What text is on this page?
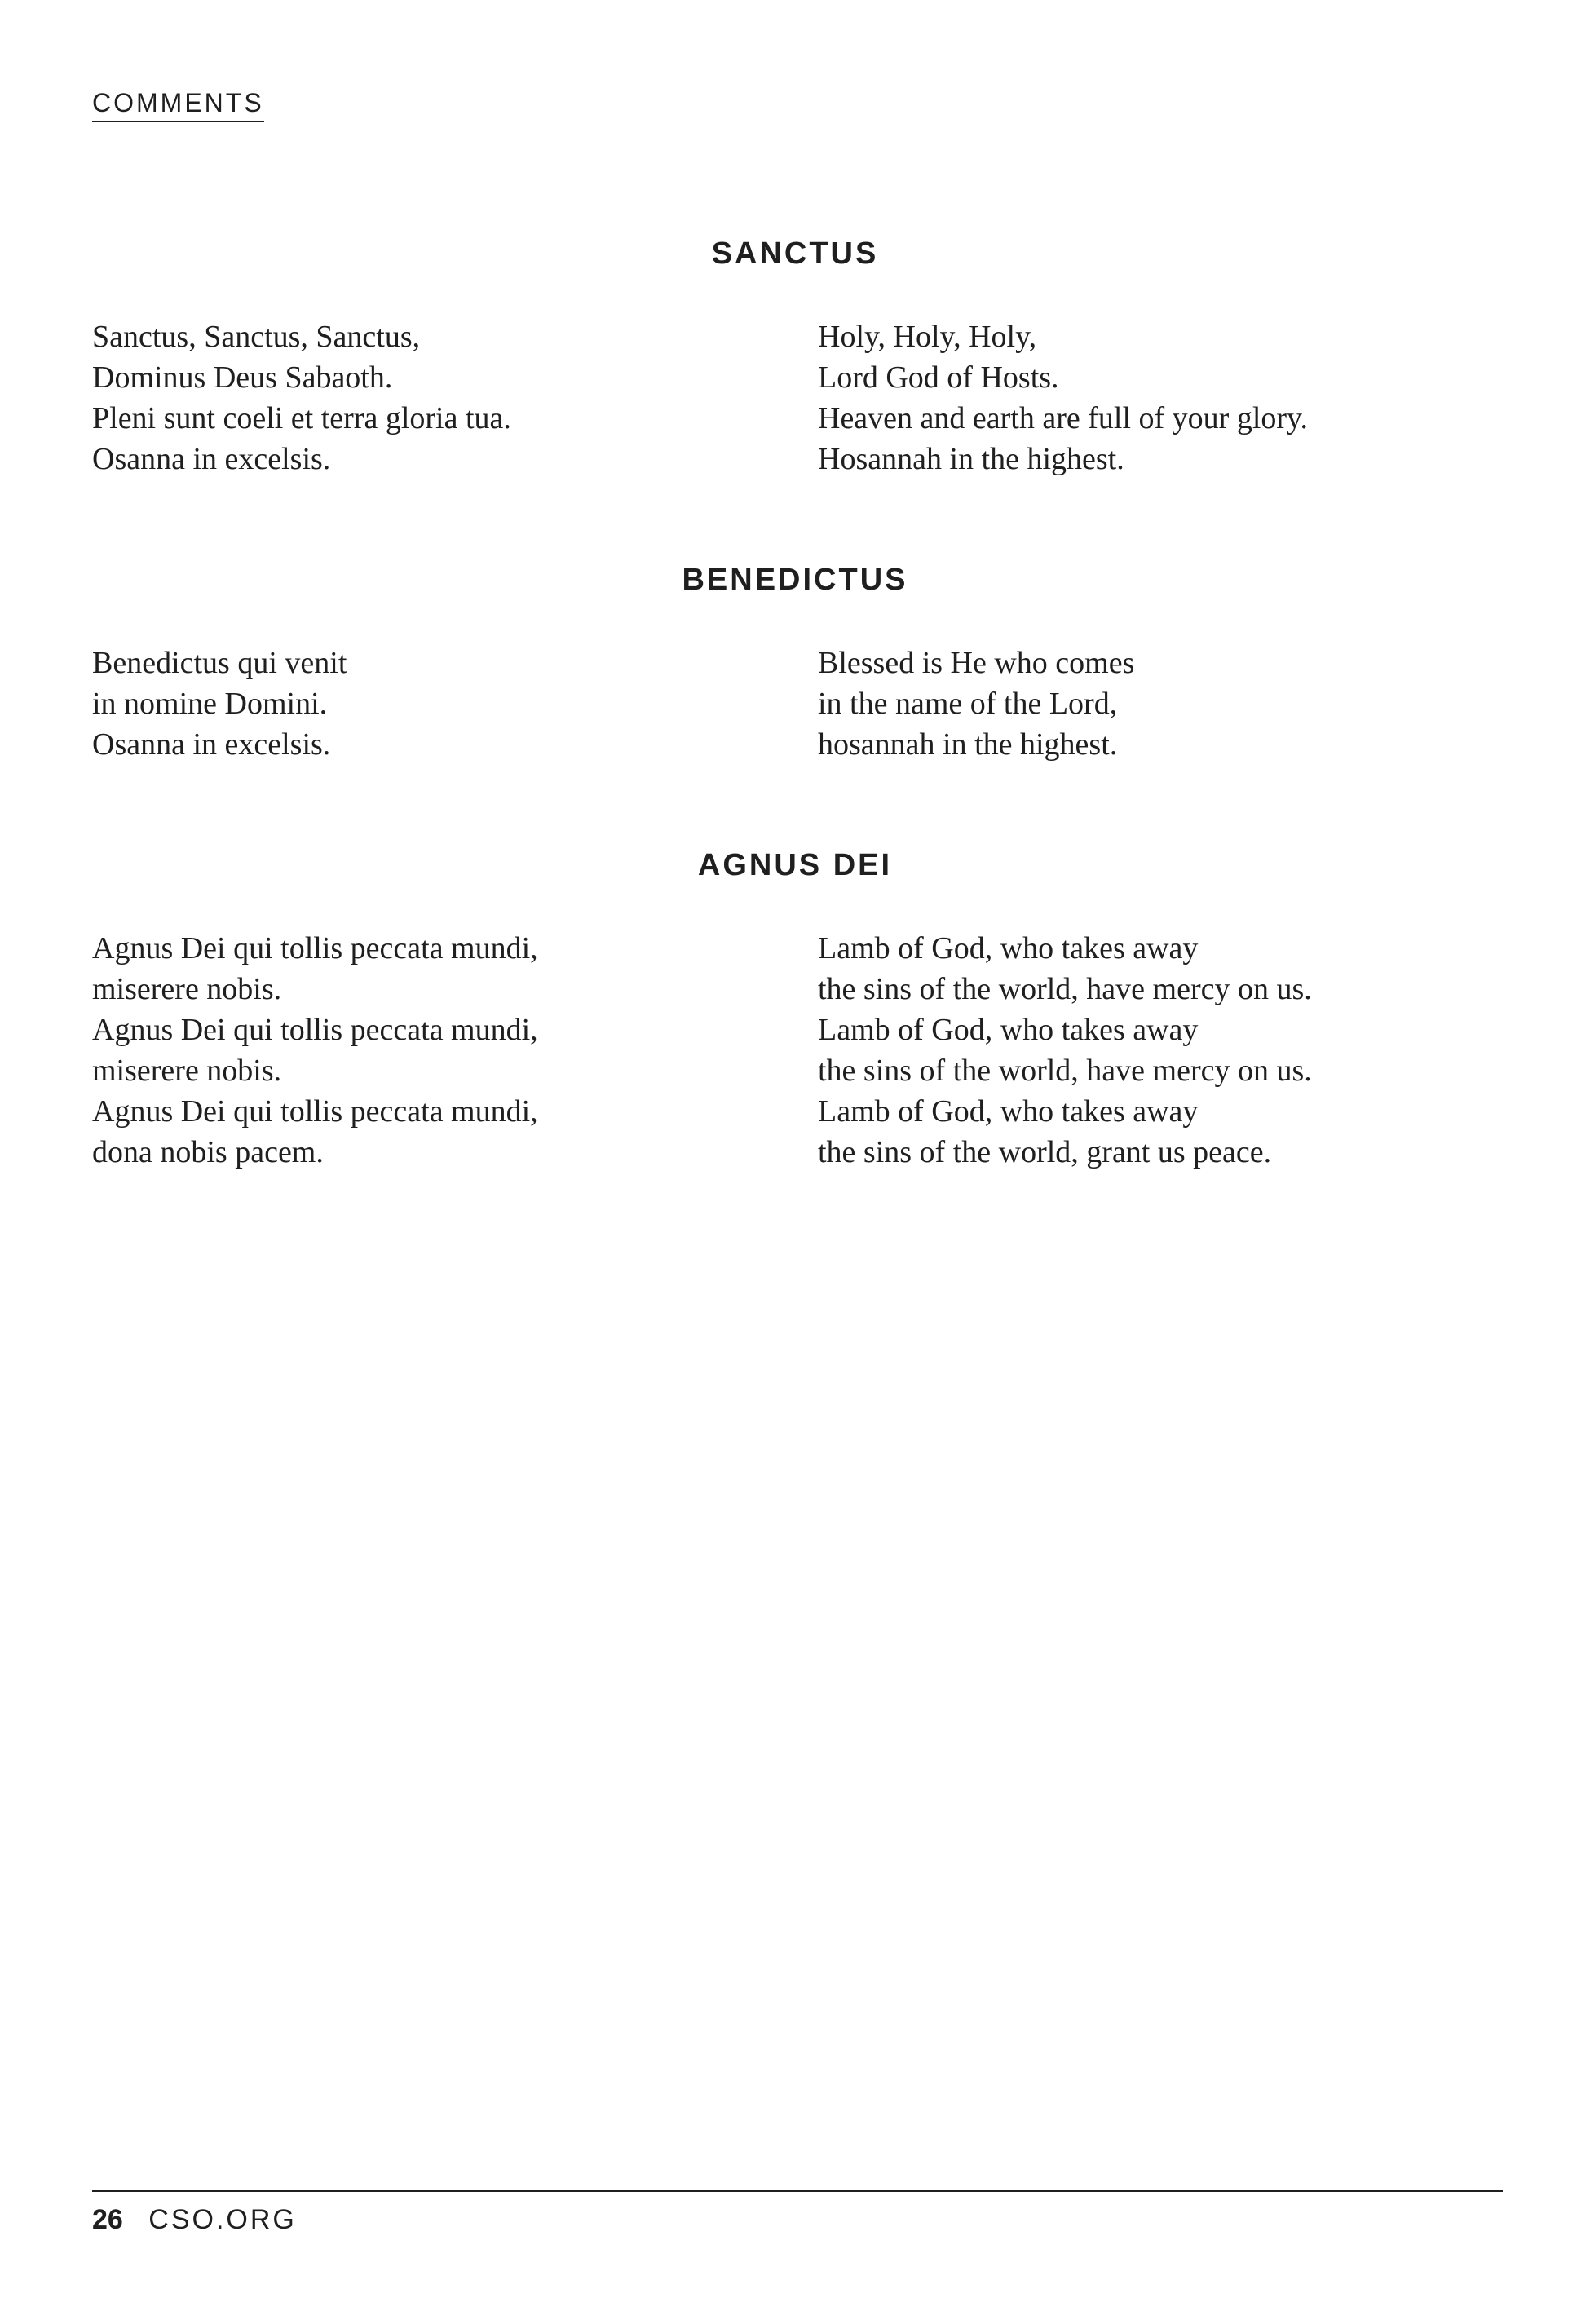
COMMENTS
SANCTUS
Sanctus, Sanctus, Sanctus,
Dominus Deus Sabaoth.
Pleni sunt coeli et terra gloria tua.
Osanna in excelsis.
Holy, Holy, Holy,
Lord God of Hosts.
Heaven and earth are full of your glory.
Hosannah in the highest.
BENEDICTUS
Benedictus qui venit
in nomine Domini.
Osanna in excelsis.
Blessed is He who comes
in the name of the Lord,
hosannah in the highest.
AGNUS DEI
Agnus Dei qui tollis peccata mundi,
miserere nobis.
Agnus Dei qui tollis peccata mundi,
miserere nobis.
Agnus Dei qui tollis peccata mundi,
dona nobis pacem.
Lamb of God, who takes away
the sins of the world, have mercy on us.
Lamb of God, who takes away
the sins of the world, have mercy on us.
Lamb of God, who takes away
the sins of the world, grant us peace.
26 CSO.ORG
